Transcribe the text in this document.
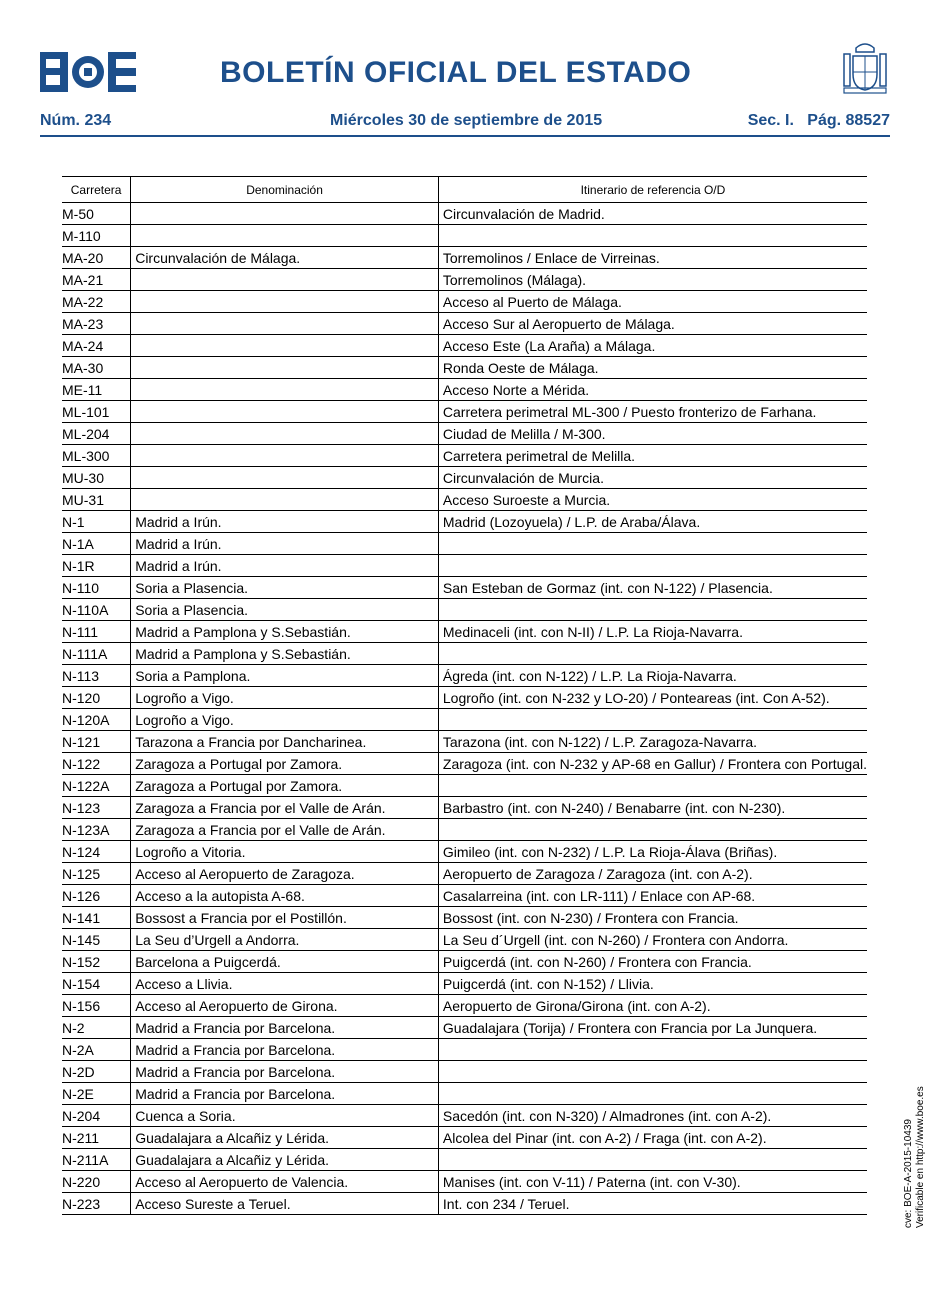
BOLETÍN OFICIAL DEL ESTADO
Núm. 234	Miércoles 30 de septiembre de 2015	Sec. I.   Pág. 88527
Carretera	Denominación	Itinerario de referencia O/D
M-50		Circunvalación de Madrid.
M-110		
MA-20	Circunvalación de Málaga.	Torremolinos / Enlace de Virreinas.
MA-21		Torremolinos (Málaga).
MA-22		Acceso al Puerto de Málaga.
MA-23		Acceso Sur al Aeropuerto de Málaga.
MA-24		Acceso Este (La Araña) a Málaga.
MA-30		Ronda Oeste de Málaga.
ME-11		Acceso Norte a Mérida.
ML-101		Carretera perimetral ML-300 / Puesto fronterizo de Farhana.
ML-204		Ciudad de Melilla / M-300.
ML-300		Carretera perimetral de Melilla.
MU-30		Circunvalación de Murcia.
MU-31		Acceso Suroeste a Murcia.
N-1	Madrid a Irún.	Madrid (Lozoyuela) / L.P. de Araba/Álava.
N-1A	Madrid a Irún.	
N-1R	Madrid a Irún.	
N-110	Soria a Plasencia.	San Esteban de Gormaz (int. con N-122) / Plasencia.
N-110A	Soria a Plasencia.	
N-111	Madrid a Pamplona y S.Sebastián.	Medinaceli (int. con N-II) / L.P. La Rioja-Navarra.
N-111A	Madrid a Pamplona y S.Sebastián.	
N-113	Soria a Pamplona.	Ágreda (int. con N-122) / L.P. La Rioja-Navarra.
N-120	Logroño a Vigo.	Logroño (int. con N-232 y LO-20) / Ponteareas (int. Con A-52).
N-120A	Logroño a Vigo.	
N-121	Tarazona a Francia por Dancharinea.	Tarazona (int. con N-122) / L.P. Zaragoza-Navarra.
N-122	Zaragoza a Portugal por Zamora.	Zaragoza (int. con N-232 y AP-68 en Gallur) / Frontera con Portugal.
N-122A	Zaragoza a Portugal por Zamora.	
N-123	Zaragoza a Francia por el Valle de Arán.	Barbastro (int. con N-240) / Benabarre (int. con N-230).
N-123A	Zaragoza a Francia por el Valle de Arán.	
N-124	Logroño a Vitoria.	Gimileo (int. con N-232) / L.P. La Rioja-Álava (Briñas).
N-125	Acceso al Aeropuerto de Zaragoza.	Aeropuerto de Zaragoza / Zaragoza (int. con A-2).
N-126	Acceso a la autopista A-68.	Casalarreina (int. con LR-111) / Enlace con AP-68.
N-141	Bossost a Francia por el Postillón.	Bossost (int. con N-230) / Frontera con Francia.
N-145	La Seu d’Urgell a Andorra.	La Seu d´Urgell (int. con N-260) / Frontera con Andorra.
N-152	Barcelona a Puigcerdá.	Puigcerdá (int. con N-260) / Frontera con Francia.
N-154	Acceso a Llivia.	Puigcerdá (int. con N-152) / Llivia.
N-156	Acceso al Aeropuerto de Girona.	Aeropuerto de Girona/Girona (int. con A-2).
N-2	Madrid a Francia por Barcelona.	Guadalajara (Torija) / Frontera con Francia por La Junquera.
N-2A	Madrid a Francia por Barcelona.	
N-2D	Madrid a Francia por Barcelona.	
N-2E	Madrid a Francia por Barcelona.	
N-204	Cuenca a Soria.	Sacedón (int. con N-320) / Almadrones (int. con A-2).
N-211	Guadalajara a Alcañiz y Lérida.	Alcolea del Pinar (int. con A-2) / Fraga (int. con A-2).
N-211A	Guadalajara a Alcañiz y Lérida.	
N-220	Acceso al Aeropuerto de Valencia.	Manises (int. con V-11) / Paterna (int. con V-30).
N-223	Acceso Sureste a Teruel.	Int. con 234 / Teruel.	cve: BOE-A-2015-10439 Verificable en http://www.boe.es
